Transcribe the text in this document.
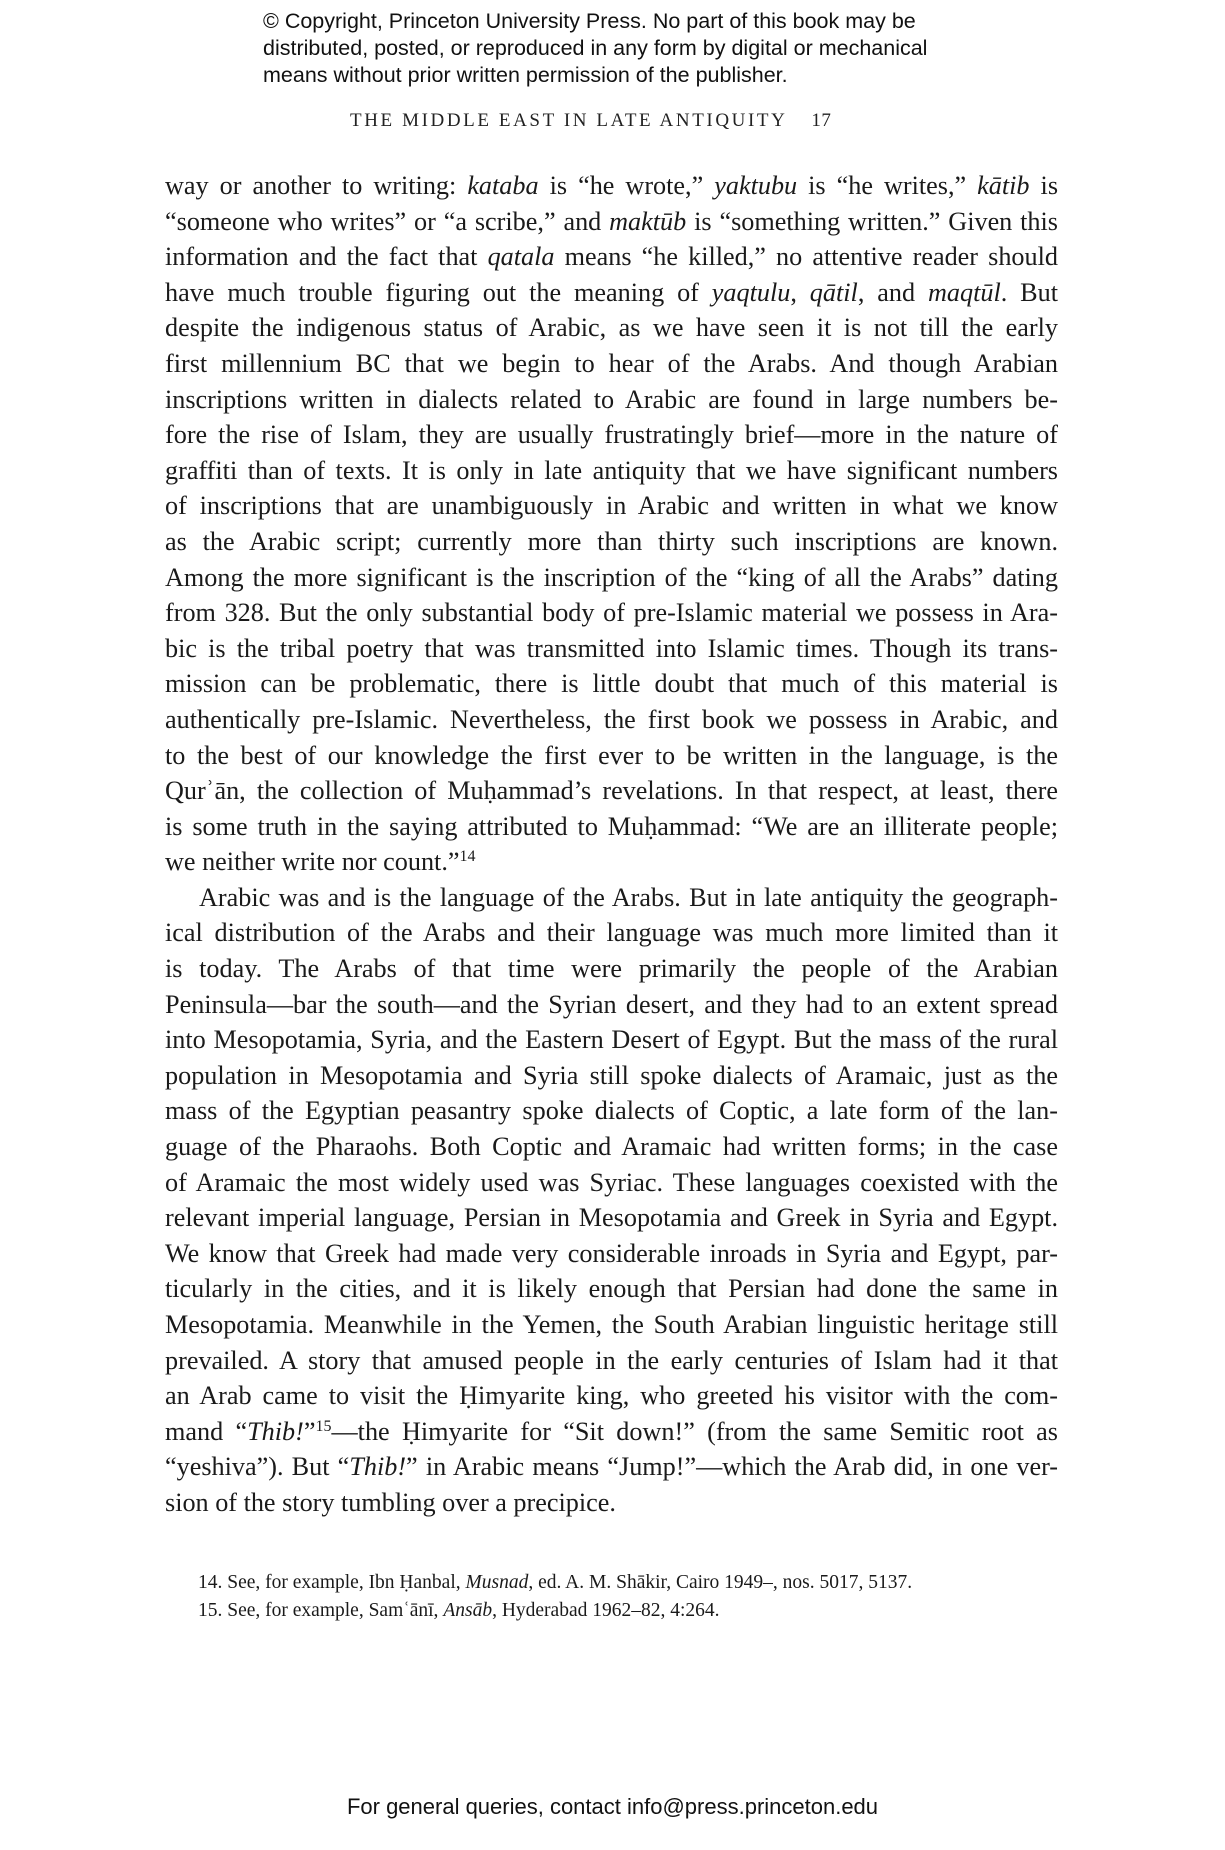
© Copyright, Princeton University Press. No part of this book may be
distributed, posted, or reproduced in any form by digital or mechanical
means without prior written permission of the publisher.
THE MIDDLE EAST IN LATE ANTIQUITY 17
way or another to writing: kataba is “he wrote,” yaktubu is “he writes,” kātib is
“someone who writes” or “a scribe,” and maktūb is “something written.” Given this
information and the fact that qatala means “he killed,” no attentive reader should
have much trouble figuring out the meaning of yaqtulu, qātil, and maqtūl. But
despite the indigenous status of Arabic, as we have seen it is not till the early
first millennium BC that we begin to hear of the Arabs. And though Arabian
inscriptions written in dialects related to Arabic are found in large numbers be-
fore the rise of Islam, they are usually frustratingly brief—more in the nature of
graffiti than of texts. It is only in late antiquity that we have significant numbers
of inscriptions that are unambiguously in Arabic and written in what we know
as the Arabic script; currently more than thirty such inscriptions are known.
Among the more significant is the inscription of the “king of all the Arabs” dating
from 328. But the only substantial body of pre-Islamic material we possess in Ara-
bic is the tribal poetry that was transmitted into Islamic times. Though its trans-
mission can be problematic, there is little doubt that much of this material is
authentically pre-Islamic. Nevertheless, the first book we possess in Arabic, and
to the best of our knowledge the first ever to be written in the language, is the
Qurʾān, the collection of Muḥammad’s revelations. In that respect, at least, there
is some truth in the saying attributed to Muḥammad: “We are an illiterate people;
we neither write nor count.”$^{14}$
Arabic was and is the language of the Arabs. But in late antiquity the geograph-
ical distribution of the Arabs and their language was much more limited than it
is today. The Arabs of that time were primarily the people of the Arabian
Peninsula—bar the south—and the Syrian desert, and they had to an extent spread
into Mesopotamia, Syria, and the Eastern Desert of Egypt. But the mass of the rural
population in Mesopotamia and Syria still spoke dialects of Aramaic, just as the
mass of the Egyptian peasantry spoke dialects of Coptic, a late form of the lan-
guage of the Pharaohs. Both Coptic and Aramaic had written forms; in the case
of Aramaic the most widely used was Syriac. These languages coexisted with the
relevant imperial language, Persian in Mesopotamia and Greek in Syria and Egypt.
We know that Greek had made very considerable inroads in Syria and Egypt, par-
ticularly in the cities, and it is likely enough that Persian had done the same in
Mesopotamia. Meanwhile in the Yemen, the South Arabian linguistic heritage still
prevailed. A story that amused people in the early centuries of Islam had it that
an Arab came to visit the Ḥimyarite king, who greeted his visitor with the com-
mand “Thib!”$^{15}$—the Ḥimyarite for “Sit down!” (from the same Semitic root as
“yeshiva”). But “Thib!” in Arabic means “Jump!”—which the Arab did, in one ver-
sion of the story tumbling over a precipice.
14. See, for example, Ibn Ḥanbal, Musnad, ed. A. M. Shākir, Cairo 1949–, nos. 5017, 5137.
15. See, for example, Samʿānī, Ansāb, Hyderabad 1962–82, 4:264.
For general queries, contact info@press.princeton.edu
